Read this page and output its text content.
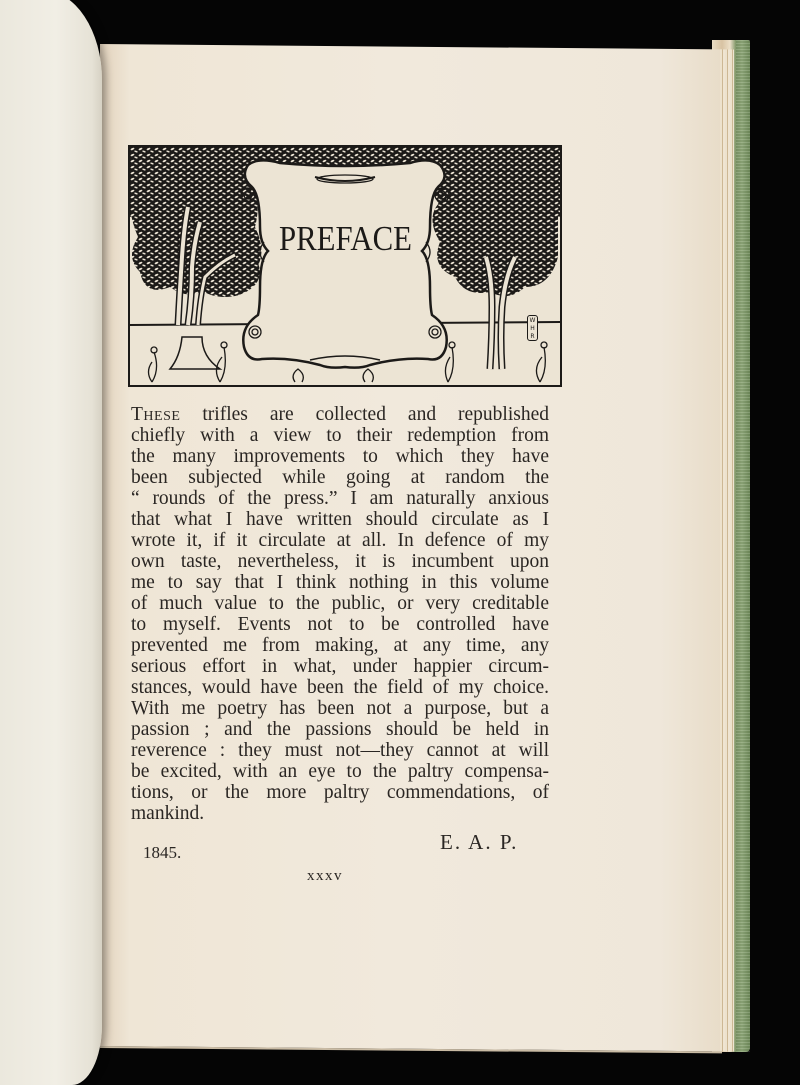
PREFACE
W
H
R
These trifles are collected and republished
chiefly with a view to their redemption from
the many improvements to which they have
been subjected while going at random the
“ rounds of the press.” I am naturally anxious
that what I have written should circulate as I
wrote it, if it circulate at all. In defence of my
own taste, nevertheless, it is incumbent upon
me to say that I think nothing in this volume
of much value to the public, or very creditable
to myself. Events not to be controlled have
prevented me from making, at any time, any
serious effort in what, under happier circum-
stances, would have been the field of my choice.
With me poetry has been not a purpose, but a
passion ; and the passions should be held in
reverence : they must not—they cannot at will
be excited, with an eye to the paltry compensa-
tions, or the more paltry commendations, of
mankind.
1845.	E. A. P.
xxxv
